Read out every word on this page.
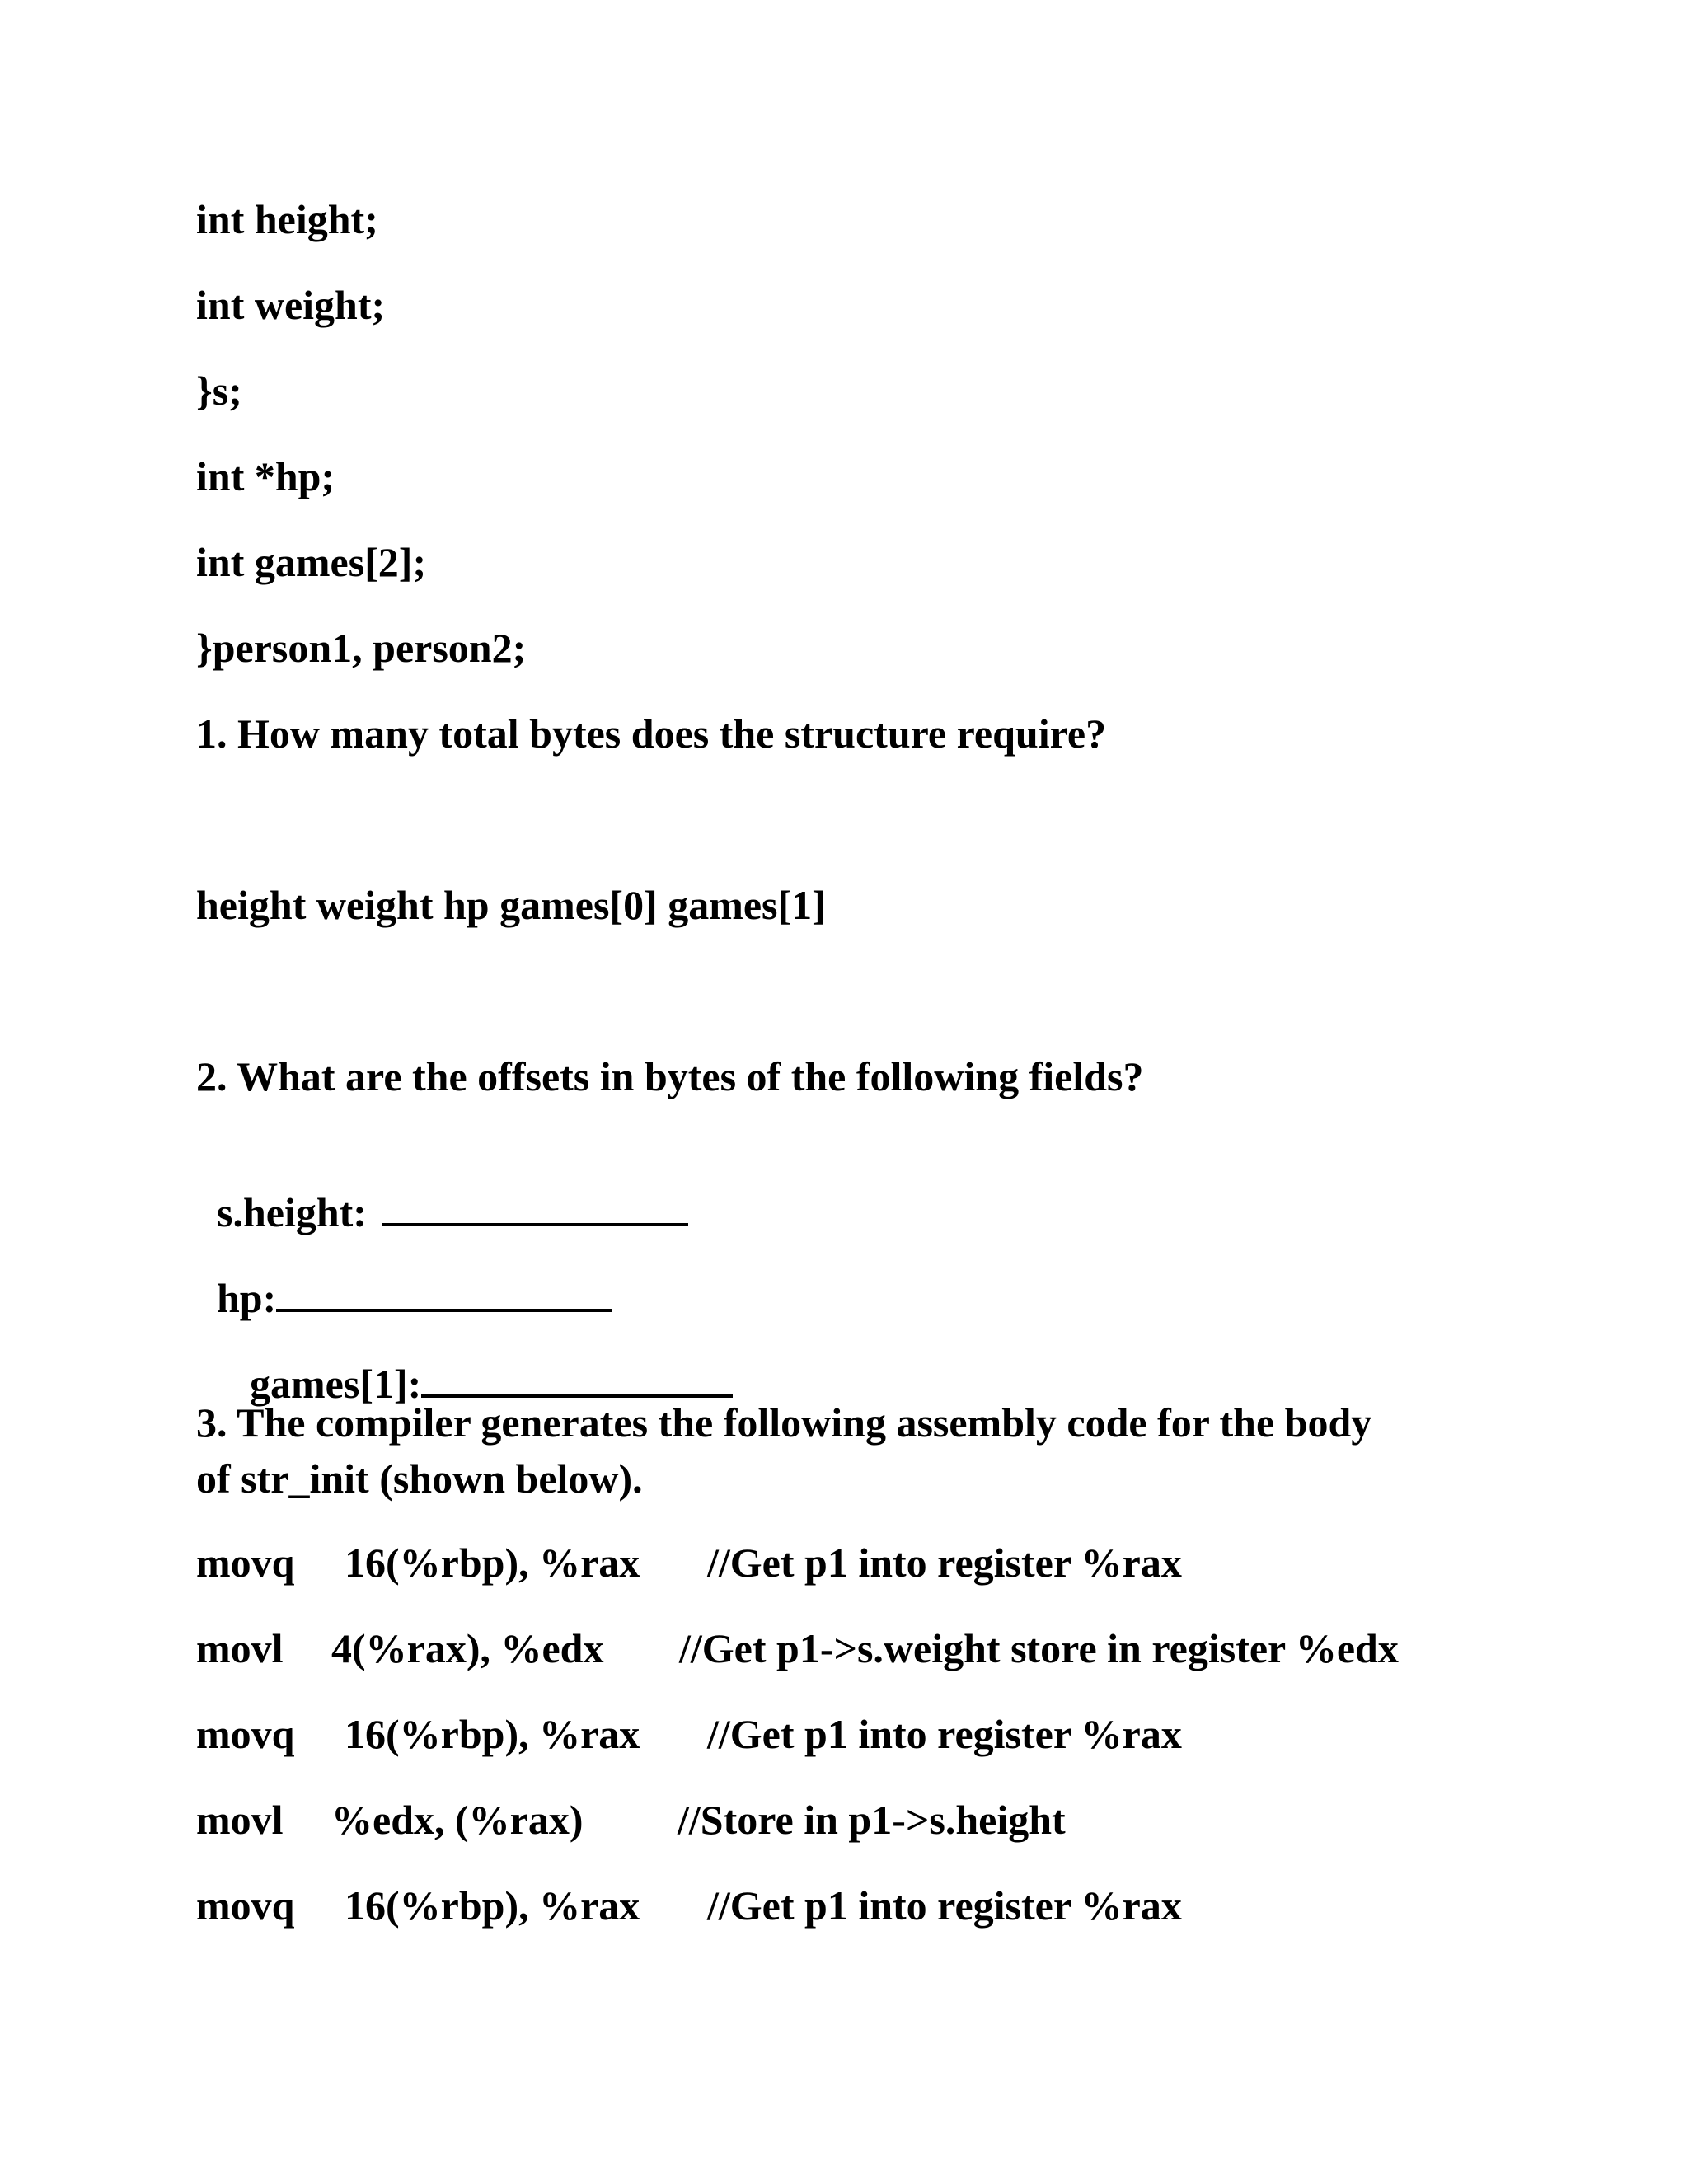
int height;
int weight;
}s;
int *hp;
int games[2];
}person1, person2;
1. How many total bytes does the structure require?
height weight hp games[0] games[1]
2. What are the offsets in bytes of the following fields?

s.height:

hp:

games[1]:

3. The compiler generates the following assembly code for the body
of str_init (shown below).

movq

16(%rbp), %rax

//Get p1 into register %rax

movl

4(%rax), %edx

//Get p1->s.weight store in register %edx

movq

16(%rbp), %rax

//Get p1 into register %rax

movl

%edx, (%rax)

//Store in p1->s.height

movq

16(%rbp), %rax

//Get p1 into register %rax
